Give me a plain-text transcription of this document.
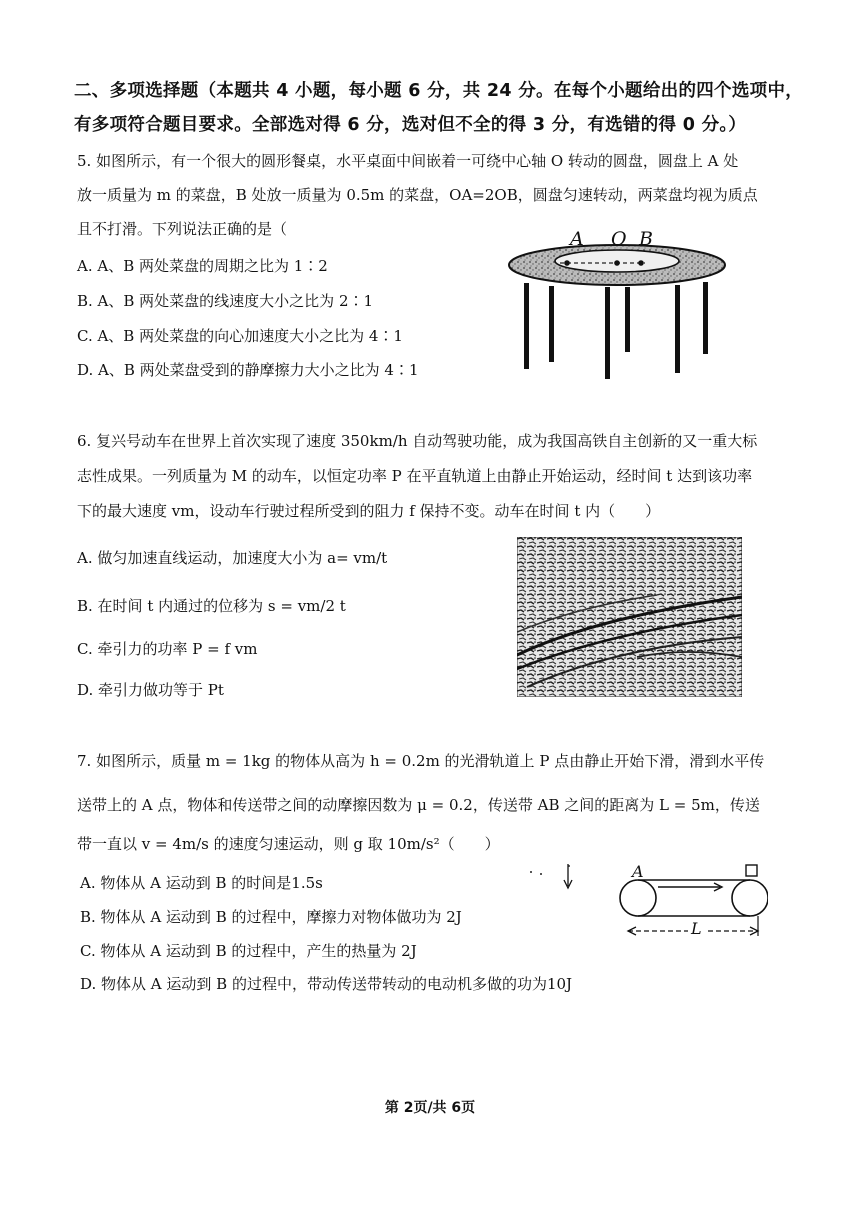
二、多项选择题（本题共 4 小题，每小题 6 分，共 24 分。在每个小题给出的四个选项中，
有多项符合题目要求。全部选对得 6 分，选对但不全的得 3 分，有选错的得 0 分。）
5. 如图所示，有一个很大的圆形餐桌，水平桌面中间嵌着一可绕中心轴 O 转动的圆盘，圆盘上 A 处
放一质量为 m 的菜盘，B 处放一质量为 0.5m 的菜盘，OA=2OB，圆盘匀速转动，两菜盘均视为质点
且不打滑。下列说法正确的是（
A. A、B 两处菜盘的周期之比为 1∶2
B. A、B 两处菜盘的线速度大小之比为 2∶1
C. A、B 两处菜盘的向心加速度大小之比为 4∶1
D. A、B 两处菜盘受到的静摩擦力大小之比为 4∶1
A O B
6. 复兴号动车在世界上首次实现了速度 350km/h 自动驾驶功能，成为我国高铁自主创新的又一重大标
志性成果。一列质量为 M 的动车，以恒定功率 P 在平直轨道上由静止开始运动，经时间 t 达到该功率
下的最大速度 vm，设动车行驶过程所受到的阻力 f 保持不变。动车在时间 t 内（　　）
A. 做匀加速直线运动，加速度大小为 a= vm/t
B. 在时间 t 内通过的位移为 s = vm/2 t
C. 牵引力的功率 P = f vm
D. 牵引力做功等于 Pt
7. 如图所示，质量 m = 1kg 的物体从高为 h = 0.2m 的光滑轨道上 P 点由静止开始下滑，滑到水平传
送带上的 A 点，物体和传送带之间的动摩擦因数为 μ = 0.2，传送带 AB 之间的距离为 L = 5m，传送
带一直以 v = 4m/s 的速度匀速运动，则 g 取 10m/s²（　　）
A. 物体从 A 运动到 B 的时间是1.5s
B. 物体从 A 运动到 B 的过程中，摩擦力对物体做功为 2J
C. 物体从 A 运动到 B 的过程中，产生的热量为 2J
D. 物体从 A 运动到 B 的过程中，带动传送带转动的电动机多做的功为10J
A
L
第 2页/共 6页
